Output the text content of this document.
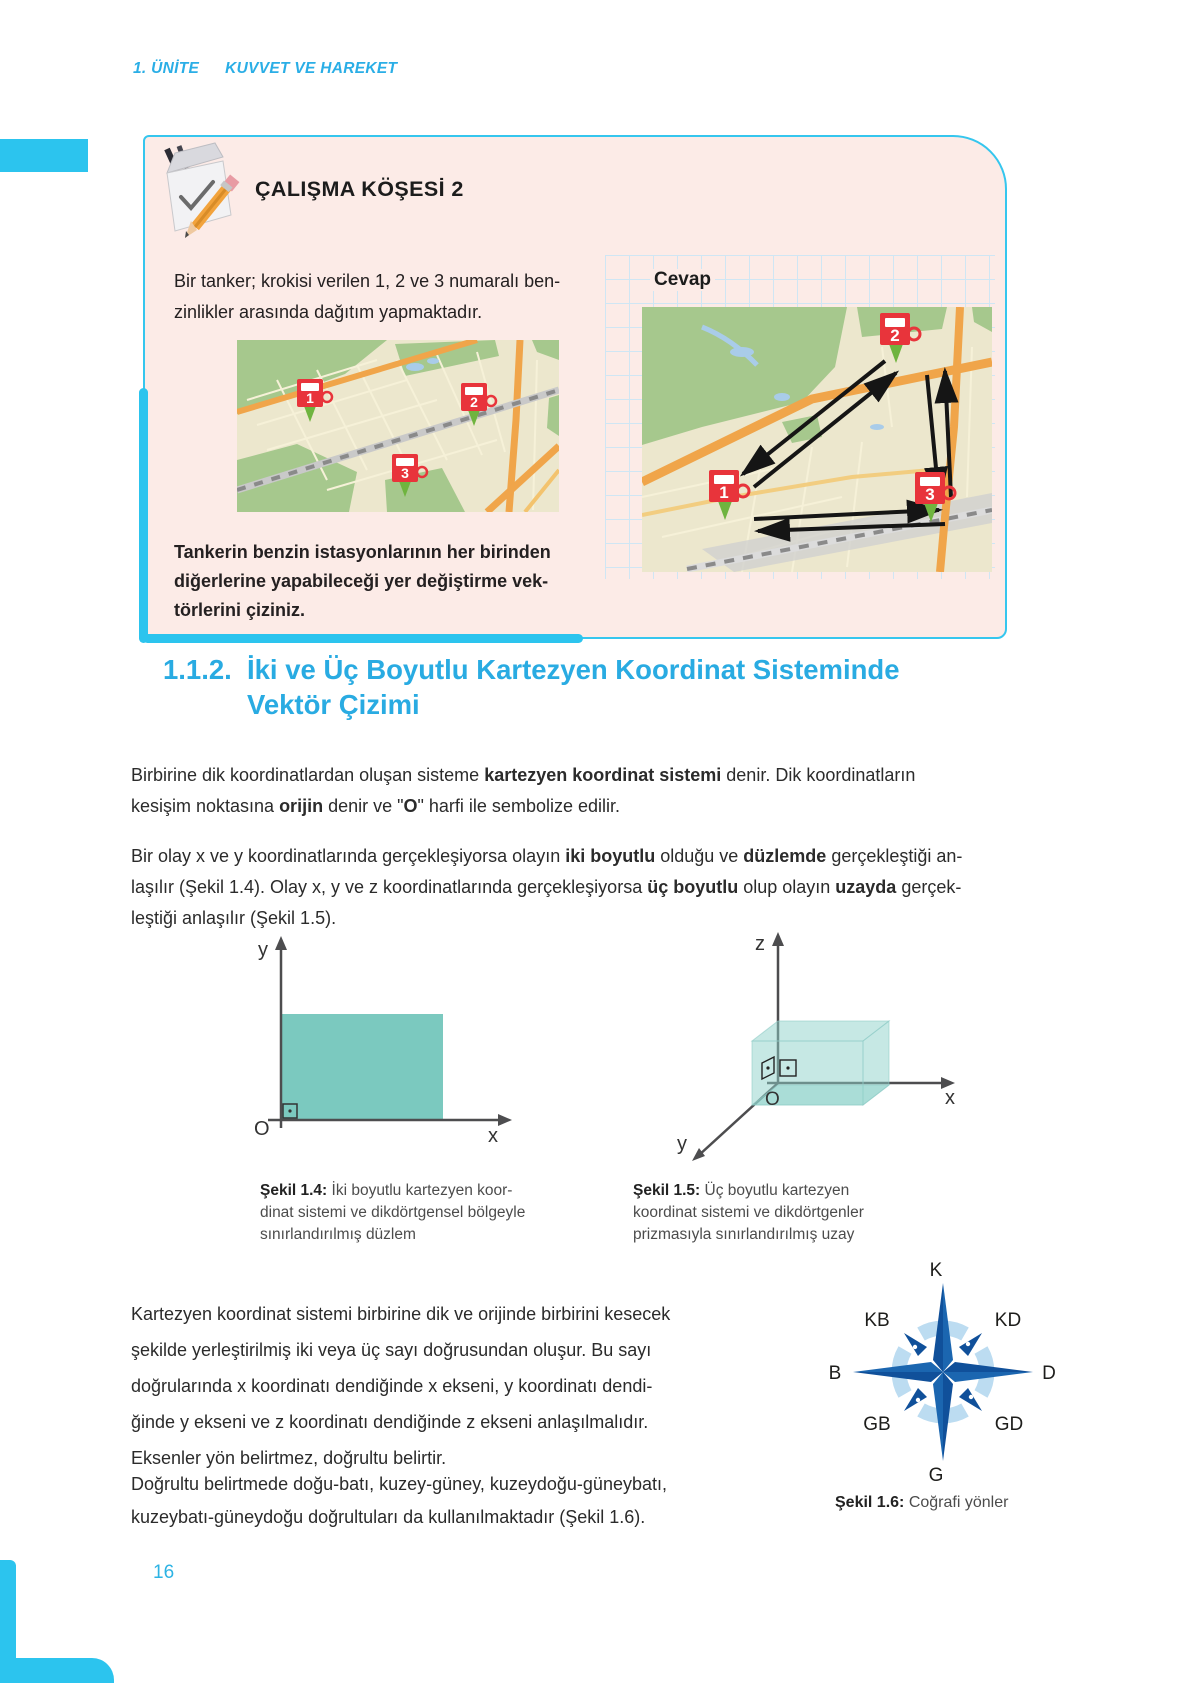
1. ÜNİTE KUVVET VE HAREKET
ÇALIŞMA KÖŞESİ 2
Bir tanker; krokisi verilen 1, 2 ve 3 numaralı ben-
zinlikler arasında dağıtım yapmaktadır.
1	2
3
Tankerin benzin istasyonlarının her birinden
diğerlerine yapabileceği yer değiştirme vek-
törlerini çiziniz.
Cevap
1
2
3
1.1.2. İki ve Üç Boyutlu Kartezyen Koordinat Sisteminde
Vektör Çizimi
Birbirine dik koordinatlardan oluşan sisteme kartezyen koordinat sistemi denir. Dik koordinatların
kesişim noktasına orijin denir ve "O" harfi ile sembolize edilir.
Bir olay x ve y koordinatlarında gerçekleşiyorsa olayın iki boyutlu olduğu ve düzlemde gerçekleştiği an-
laşılır (Şekil 1.4). Olay x, y ve z koordinatlarında gerçekleşiyorsa üç boyutlu olup olayın uzayda gerçek-
leştiği anlaşılır (Şekil 1.5).
y
x
O
z
x
y
O
Şekil 1.4: İki boyutlu kartezyen koor-
dinat sistemi ve dikdörtgensel bölgeyle
sınırlandırılmış düzlem
Şekil 1.5: Üç boyutlu kartezyen
koordinat sistemi ve dikdörtgenler
prizmasıyla sınırlandırılmış uzay
Kartezyen koordinat sistemi birbirine dik ve orijinde birbirini kesecek
şekilde yerleştirilmiş iki veya üç sayı doğrusundan oluşur. Bu sayı
doğrularında x koordinatı dendiğinde x ekseni, y koordinatı dendi-
ğinde y ekseni ve z koordinatı dendiğinde z ekseni anlaşılmalıdır.
Eksenler yön belirtmez, doğrultu belirtir.
Doğrultu belirtmede doğu-batı, kuzey-güney, kuzeydoğu-güneybatı,
kuzeybatı-güneydoğu doğrultuları da kullanılmaktadır (Şekil 1.6).
K
KD
D
GD
G
GB
B
KB
Şekil 1.6: Coğrafi yönler
16
